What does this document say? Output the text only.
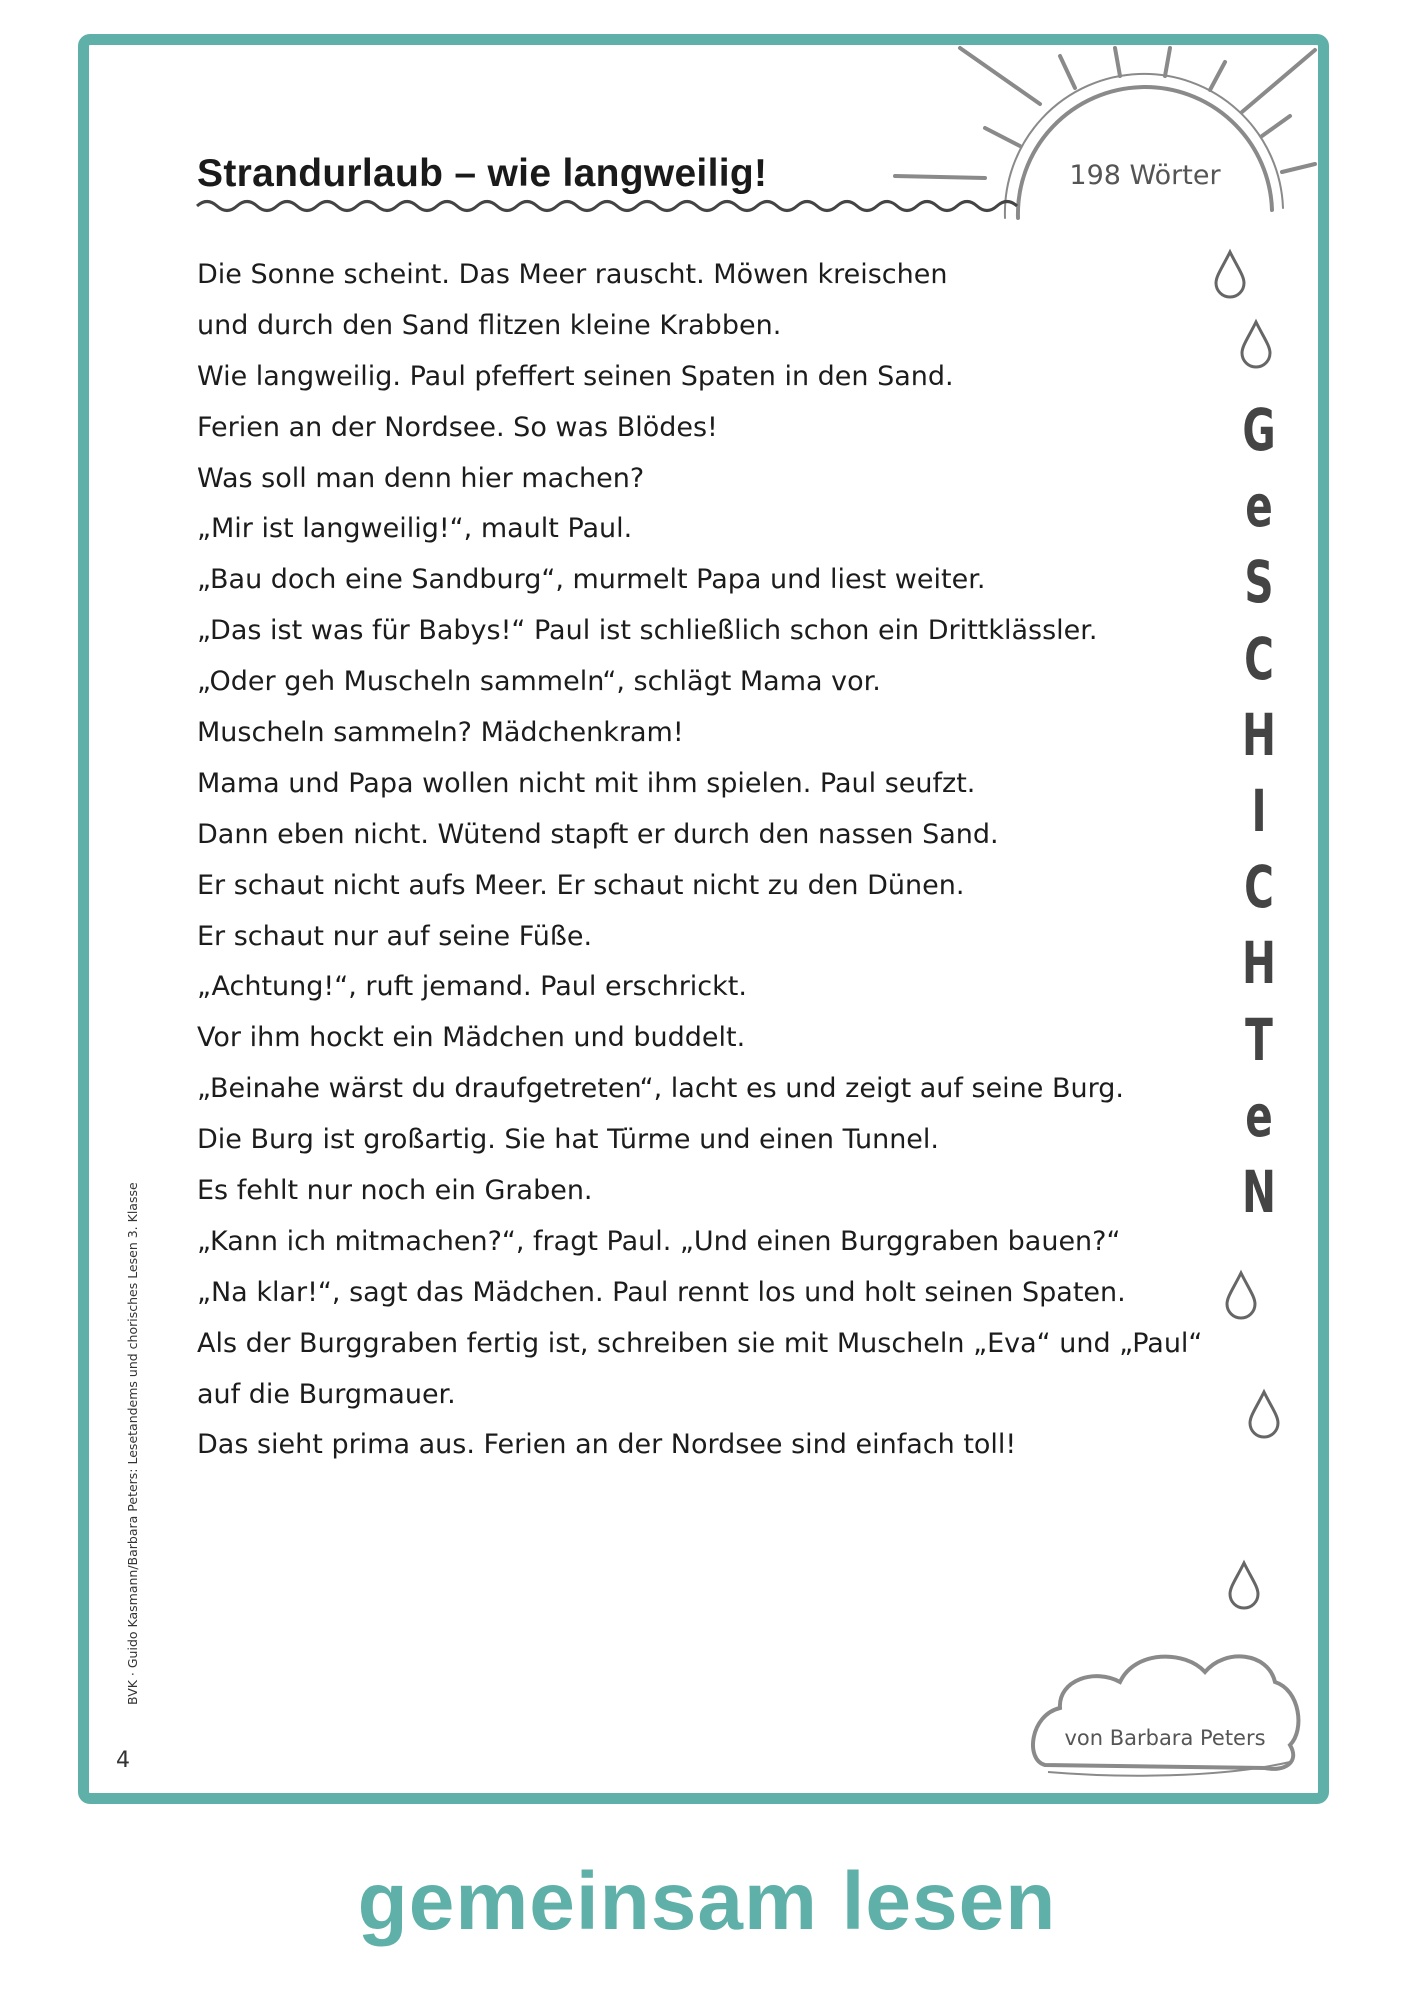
Strandurlaub – wie langweilig!	198 Wörter
Die Sonne scheint. Das Meer rauscht. Möwen kreischen
und durch den Sand flitzen kleine Krabben.
Wie langweilig. Paul pfeffert seinen Spaten in den Sand.
Ferien an der Nordsee. So was Blödes!
Was soll man denn hier machen?
„Mir ist langweilig!“, mault Paul.
„Bau doch eine Sandburg“, murmelt Papa und liest weiter.
„Das ist was für Babys!“ Paul ist schließlich schon ein Drittklässler.
„Oder geh Muscheln sammeln“, schlägt Mama vor.
Muscheln sammeln? Mädchenkram!
Mama und Papa wollen nicht mit ihm spielen. Paul seufzt.
Dann eben nicht. Wütend stapft er durch den nassen Sand.
Er schaut nicht aufs Meer. Er schaut nicht zu den Dünen.
Er schaut nur auf seine Füße.
„Achtung!“, ruft jemand. Paul erschrickt.
Vor ihm hockt ein Mädchen und buddelt.
„Beinahe wärst du draufgetreten“, lacht es und zeigt auf seine Burg.
Die Burg ist großartig. Sie hat Türme und einen Tunnel.
Es fehlt nur noch ein Graben.
„Kann ich mitmachen?“, fragt Paul. „Und einen Burggraben bauen?“
„Na klar!“, sagt das Mädchen. Paul rennt los und holt seinen Spaten.
Als der Burggraben fertig ist, schreiben sie mit Muscheln „Eva“ und „Paul“
auf die Burgmauer.
Das sieht prima aus. Ferien an der Nordsee sind einfach toll!
G
e
S
C
H
I
C
H
T
e
N
BVK · Guido Kasmann/Barbara Peters: Lesetandems und chorisches Lesen 3. Klasse
4
von Barbara Peters
gemeinsam lesen
